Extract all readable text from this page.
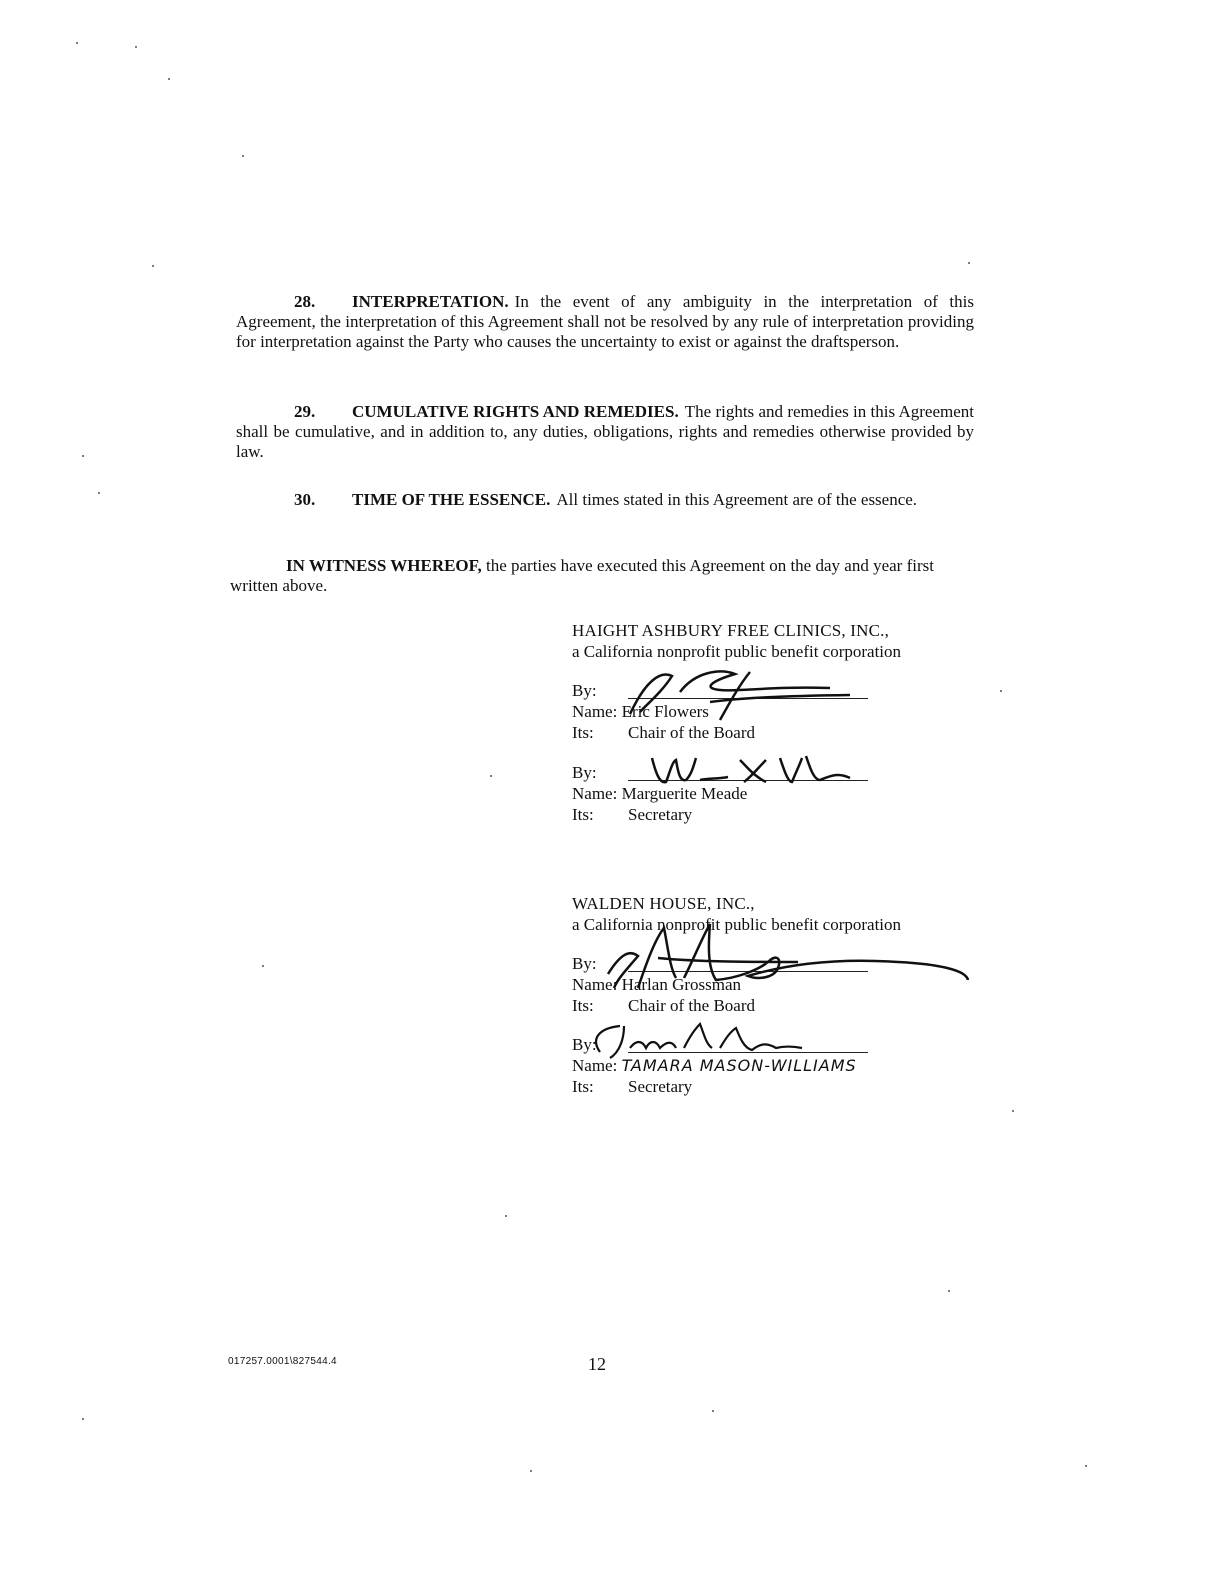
28. INTERPRETATION. In the event of any ambiguity in the interpretation of this Agreement, the interpretation of this Agreement shall not be resolved by any rule of interpretation providing for interpretation against the Party who causes the uncertainty to exist or against the draftsperson.
29. CUMULATIVE RIGHTS AND REMEDIES. The rights and remedies in this Agreement shall be cumulative, and in addition to, any duties, obligations, rights and remedies otherwise provided by law.
30. TIME OF THE ESSENCE. All times stated in this Agreement are of the essence.
IN WITNESS WHEREOF, the parties have executed this Agreement on the day and year first written above.
HAIGHT ASHBURY FREE CLINICS, INC.,
a California nonprofit public benefit corporation
By:
Name: Eric Flowers
Its: Chair of the Board
By:
Name: Marguerite Meade
Its: Secretary
WALDEN HOUSE, INC.,
a California nonprofit public benefit corporation
By:
Name: Harlan Grossman
Its: Chair of the Board
By:
Name: TAMARA MASON-WILLIAMS
Its: Secretary
017257.0001\827544.4	12
